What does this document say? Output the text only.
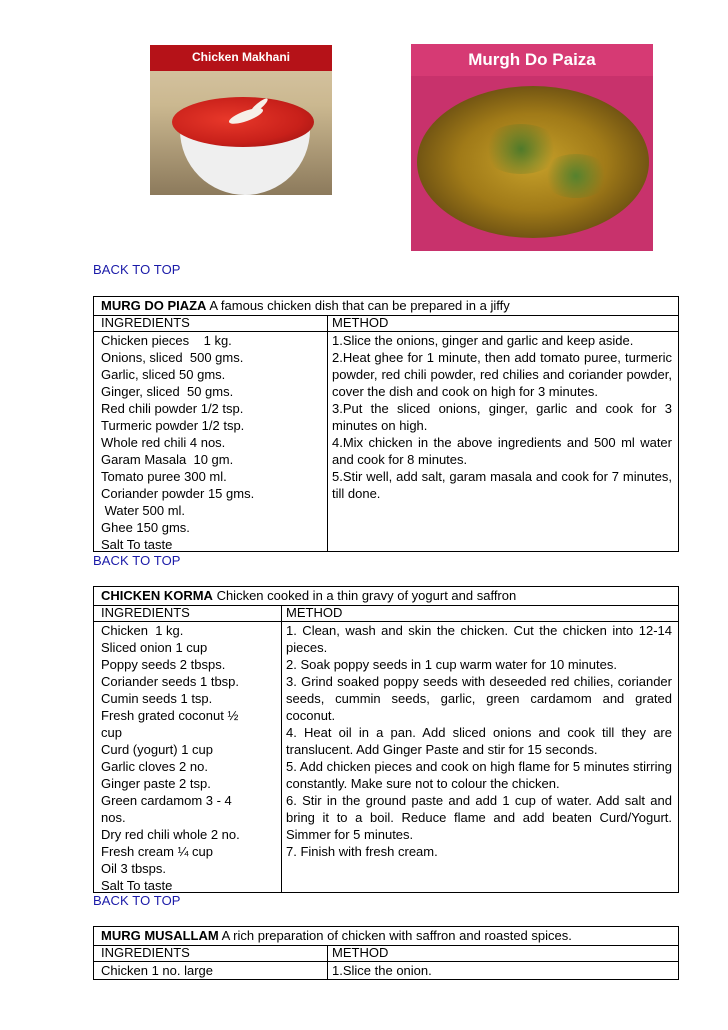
Chicken Makhani	Murgh Do Paiza
BACK TO TOP
MURG DO PIAZA A famous chicken dish that can be prepared in a jiffy
INGREDIENTS
Chicken pieces    1 kg.
Onions, sliced  500 gms.
Garlic, sliced 50 gms.
Ginger, sliced  50 gms.
Red chili powder 1/2 tsp.
Turmeric powder 1/2 tsp.
Whole red chili 4 nos.
Garam Masala  10 gm.
Tomato puree 300 ml.
Coriander powder 15 gms.
Water 500 ml.
Ghee 150 gms.
Salt To taste
METHOD
1.Slice the onions, ginger and garlic and keep aside.
2.Heat ghee for 1 minute, then add tomato puree, turmeric powder, red chili powder, red chilies and coriander powder, cover the dish and cook on high for 3 minutes.
3.Put the sliced onions, ginger, garlic and cook for 3 minutes on high.
4.Mix chicken in the above ingredients and 500 ml water and cook for 8 minutes.
5.Stir well, add salt, garam masala and cook for 7 minutes, till done.
BACK TO TOP
CHICKEN KORMA Chicken cooked in a thin gravy of yogurt and saffron
INGREDIENTS
Chicken  1 kg.
Sliced onion 1 cup
Poppy seeds 2 tbsps.
Coriander seeds 1 tbsp.
Cumin seeds 1 tsp.
Fresh grated coconut ½
cup
Curd (yogurt) 1 cup
Garlic cloves 2 no.
Ginger paste 2 tsp.
Green cardamom 3 - 4
nos.
Dry red chili whole 2 no.
Fresh cream ¼ cup
Oil 3 tbsps.
Salt To taste
METHOD
1. Clean, wash and skin the chicken. Cut the chicken into 12-14 pieces.
2. Soak poppy seeds in 1 cup warm water for 10 minutes.
3. Grind soaked poppy seeds with deseeded red chilies, coriander seeds, cummin seeds, garlic, green cardamom and grated coconut.
4. Heat oil in a pan. Add sliced onions and cook till they are translucent. Add Ginger Paste and stir for 15 seconds.
5. Add chicken pieces and cook on high flame for 5 minutes stirring constantly. Make sure not to colour the chicken.
6. Stir in the ground paste and add 1 cup of water. Add salt and bring it to a boil. Reduce flame and add beaten Curd/Yogurt. Simmer for 5 minutes.
7. Finish with fresh cream.
BACK TO TOP
MURG MUSALLAM A rich preparation of chicken with saffron and roasted spices.
INGREDIENTS
Chicken 1 no. large
METHOD
1.Slice the onion.
